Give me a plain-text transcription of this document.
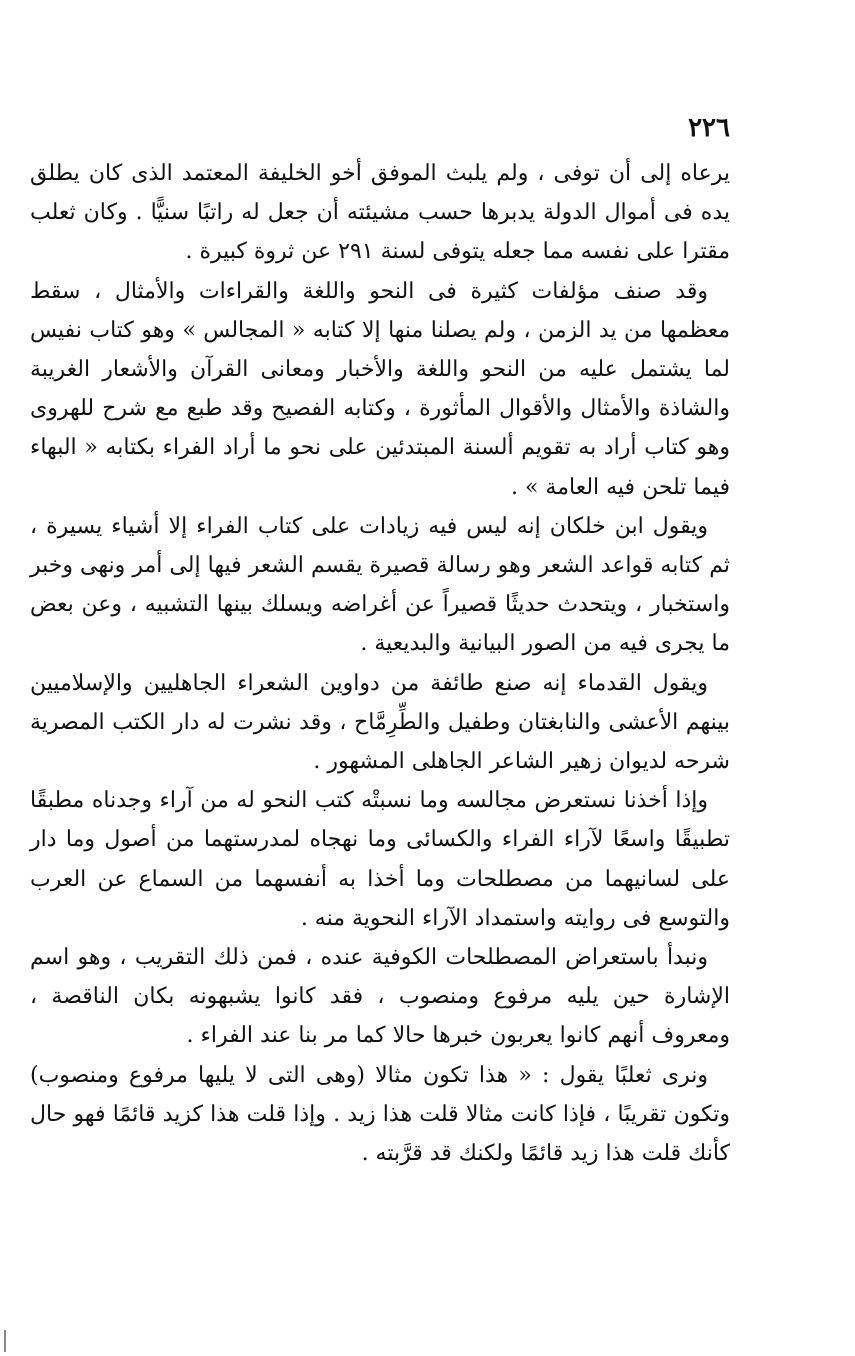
٢٢٦

يرعاه إلى أن توفى ، ولم يلبث الموفق أخو الخليفة المعتمد الذى كان يطلق يده فى أموال الدولة يدبرها حسب مشيئته أن جعل له راتبًا سنيًّا . وكان ثعلب مقترا على نفسه مما جعله يتوفى لسنة ٢٩١ عن ثروة كبيرة .

وقد صنف مؤلفات كثيرة فى النحو واللغة والقراءات والأمثال ، سقط معظمها من يد الزمن ، ولم يصلنا منها إلا كتابه « المجالس » وهو كتاب نفيس لما يشتمل عليه من النحو واللغة والأخبار ومعانى القرآن والأشعار الغريبة والشاذة والأمثال والأقوال المأثورة ، وكتابه الفصيح وقد طبع مع شرح للهروى وهو كتاب أراد به تقويم ألسنة المبتدئين على نحو ما أراد الفراء بكتابه « البهاء فيما تلحن فيه العامة » .

ويقول ابن خلكان إنه ليس فيه زيادات على كتاب الفراء إلا أشياء يسيرة ، ثم كتابه قواعد الشعر وهو رسالة قصيرة يقسم الشعر فيها إلى أمر ونهى وخبر واستخبار ، ويتحدث حديثًا قصيراً عن أغراضه ويسلك بينها التشبيه ، وعن بعض ما يجرى فيه من الصور البيانية والبديعية .

ويقول القدماء إنه صنع طائفة من دواوين الشعراء الجاهليين والإسلاميين بينهم الأعشى والنابغتان وطفيل والطِّرِمَّاح ، وقد نشرت له دار الكتب المصرية شرحه لديوان زهير الشاعر الجاهلى المشهور .

وإذا أخذنا نستعرض مجالسه وما نسبتْه كتب النحو له من آراء وجدناه مطبقًا تطبيقًا واسعًا لآراء الفراء والكسائى وما نهجاه لمدرستهما من أصول وما دار على لسانيهما من مصطلحات وما أخذا به أنفسهما من السماع عن العرب والتوسع فى روايته واستمداد الآراء النحوية منه .

ونبدأ باستعراض المصطلحات الكوفية عنده ، فمن ذلك التقريب ، وهو اسم الإشارة حين يليه مرفوع ومنصوب ، فقد كانوا يشبهونه بكان الناقصة ، ومعروف أنهم كانوا يعربون خبرها حالا كما مر بنا عند الفراء .

ونرى ثعلبًا يقول : « هذا تكون مثالا (وهى التى لا يليها مرفوع ومنصوب) وتكون تقريبًا ، فإذا كانت مثالا قلت هذا زيد . وإذا قلت هذا كزيد قائمًا فهو حال كأنك قلت هذا زيد قائمًا ولكنك قد قرَّبته .
